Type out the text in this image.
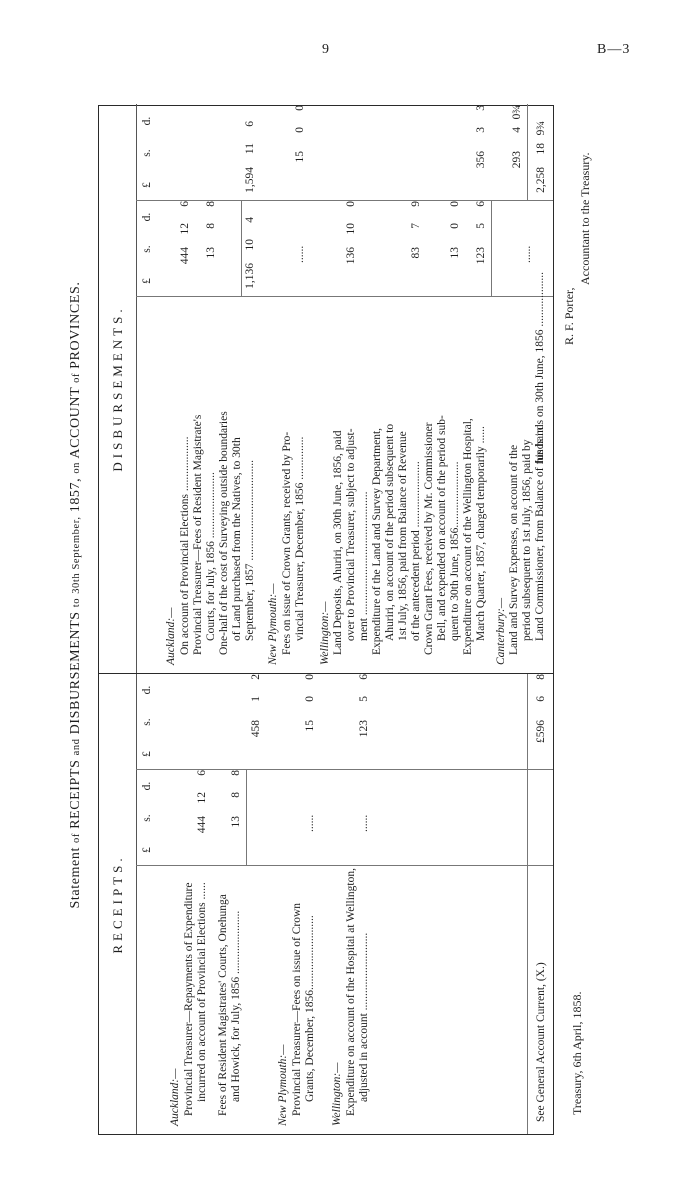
9	B—3
Statement of RECEIPTS and DISBURSEMENTS to 30th September, 1857, on ACCOUNT of PROVINCES.
RECEIPTS.
£
s.
d.
£
s.
d.
Auckland:— Provincial Treasurer—Repayments of Expenditure incurred on account of Provincial Elections ......
444
12
6
Fees of Resident Magistrates' Courts, Onehunga and Howick, for July, 1856 ......................
13
8
8
458
1
2
New Plymouth:— Provincial Treasurer—Fees on issue of Crown Grants, December, 1856..........................
......
15
0
0
Wellington:— Expenditure on account of the Hospital at Wellington, adjusted in account ...........................
......
123
5
6
See General Account Current, (X.)
£596
6
8
DISBURSEMENTS.
£
s.
d.
£
s.
d.
Auckland:— On account of Provincial Elections ...................
444
12
6
Provincial Treasurer—Fees of Resident Magistrate's Courts, for July, 1856 .......................
13
8
8
One-half of the cost of Surveying outside boundaries of Land purchased from the Natives, to 30th September, 1857 ...................................
1,136
10
4
1,594
11
6
New Plymouth:— Fees on issue of Crown Grants, received by Pro- vincial Treasurer, December, 1856 ...............
......
15
0
0
Wellington:— Land Deposits, Ahuriri, on 30th June, 1856, paid over to Provincial Treasurer, subject to adjust- ment ...........................................
136
10
0
Expenditure of the Land and Survey Department, Ahuriri, on account of the period subsequent to 1st July, 1856, paid from Balance of Revenue of the antecedent period .......................
83
7
9
Crown Grant Fees, received by Mr. Commissioner Bell, and expended on account of the period sub- quent to 30th June, 1856.......................
13
0
0
Expenditure on account of the Wellington Hospital, March Quarter, 1857, charged temporarily ......
123
5
6
356
3
3
Canterbury:— Land and Survey Expenses, on account of the period subsequent to 1st July, 1856, paid by Land Commissioner, from Balance of funds in
his hands on 30th June, 1856 ...................
......
293
4
0¾
2,258
18
9¾
Treasury, 6th April, 1858.
R. F. Porter,
Accountant to the Treasury.
